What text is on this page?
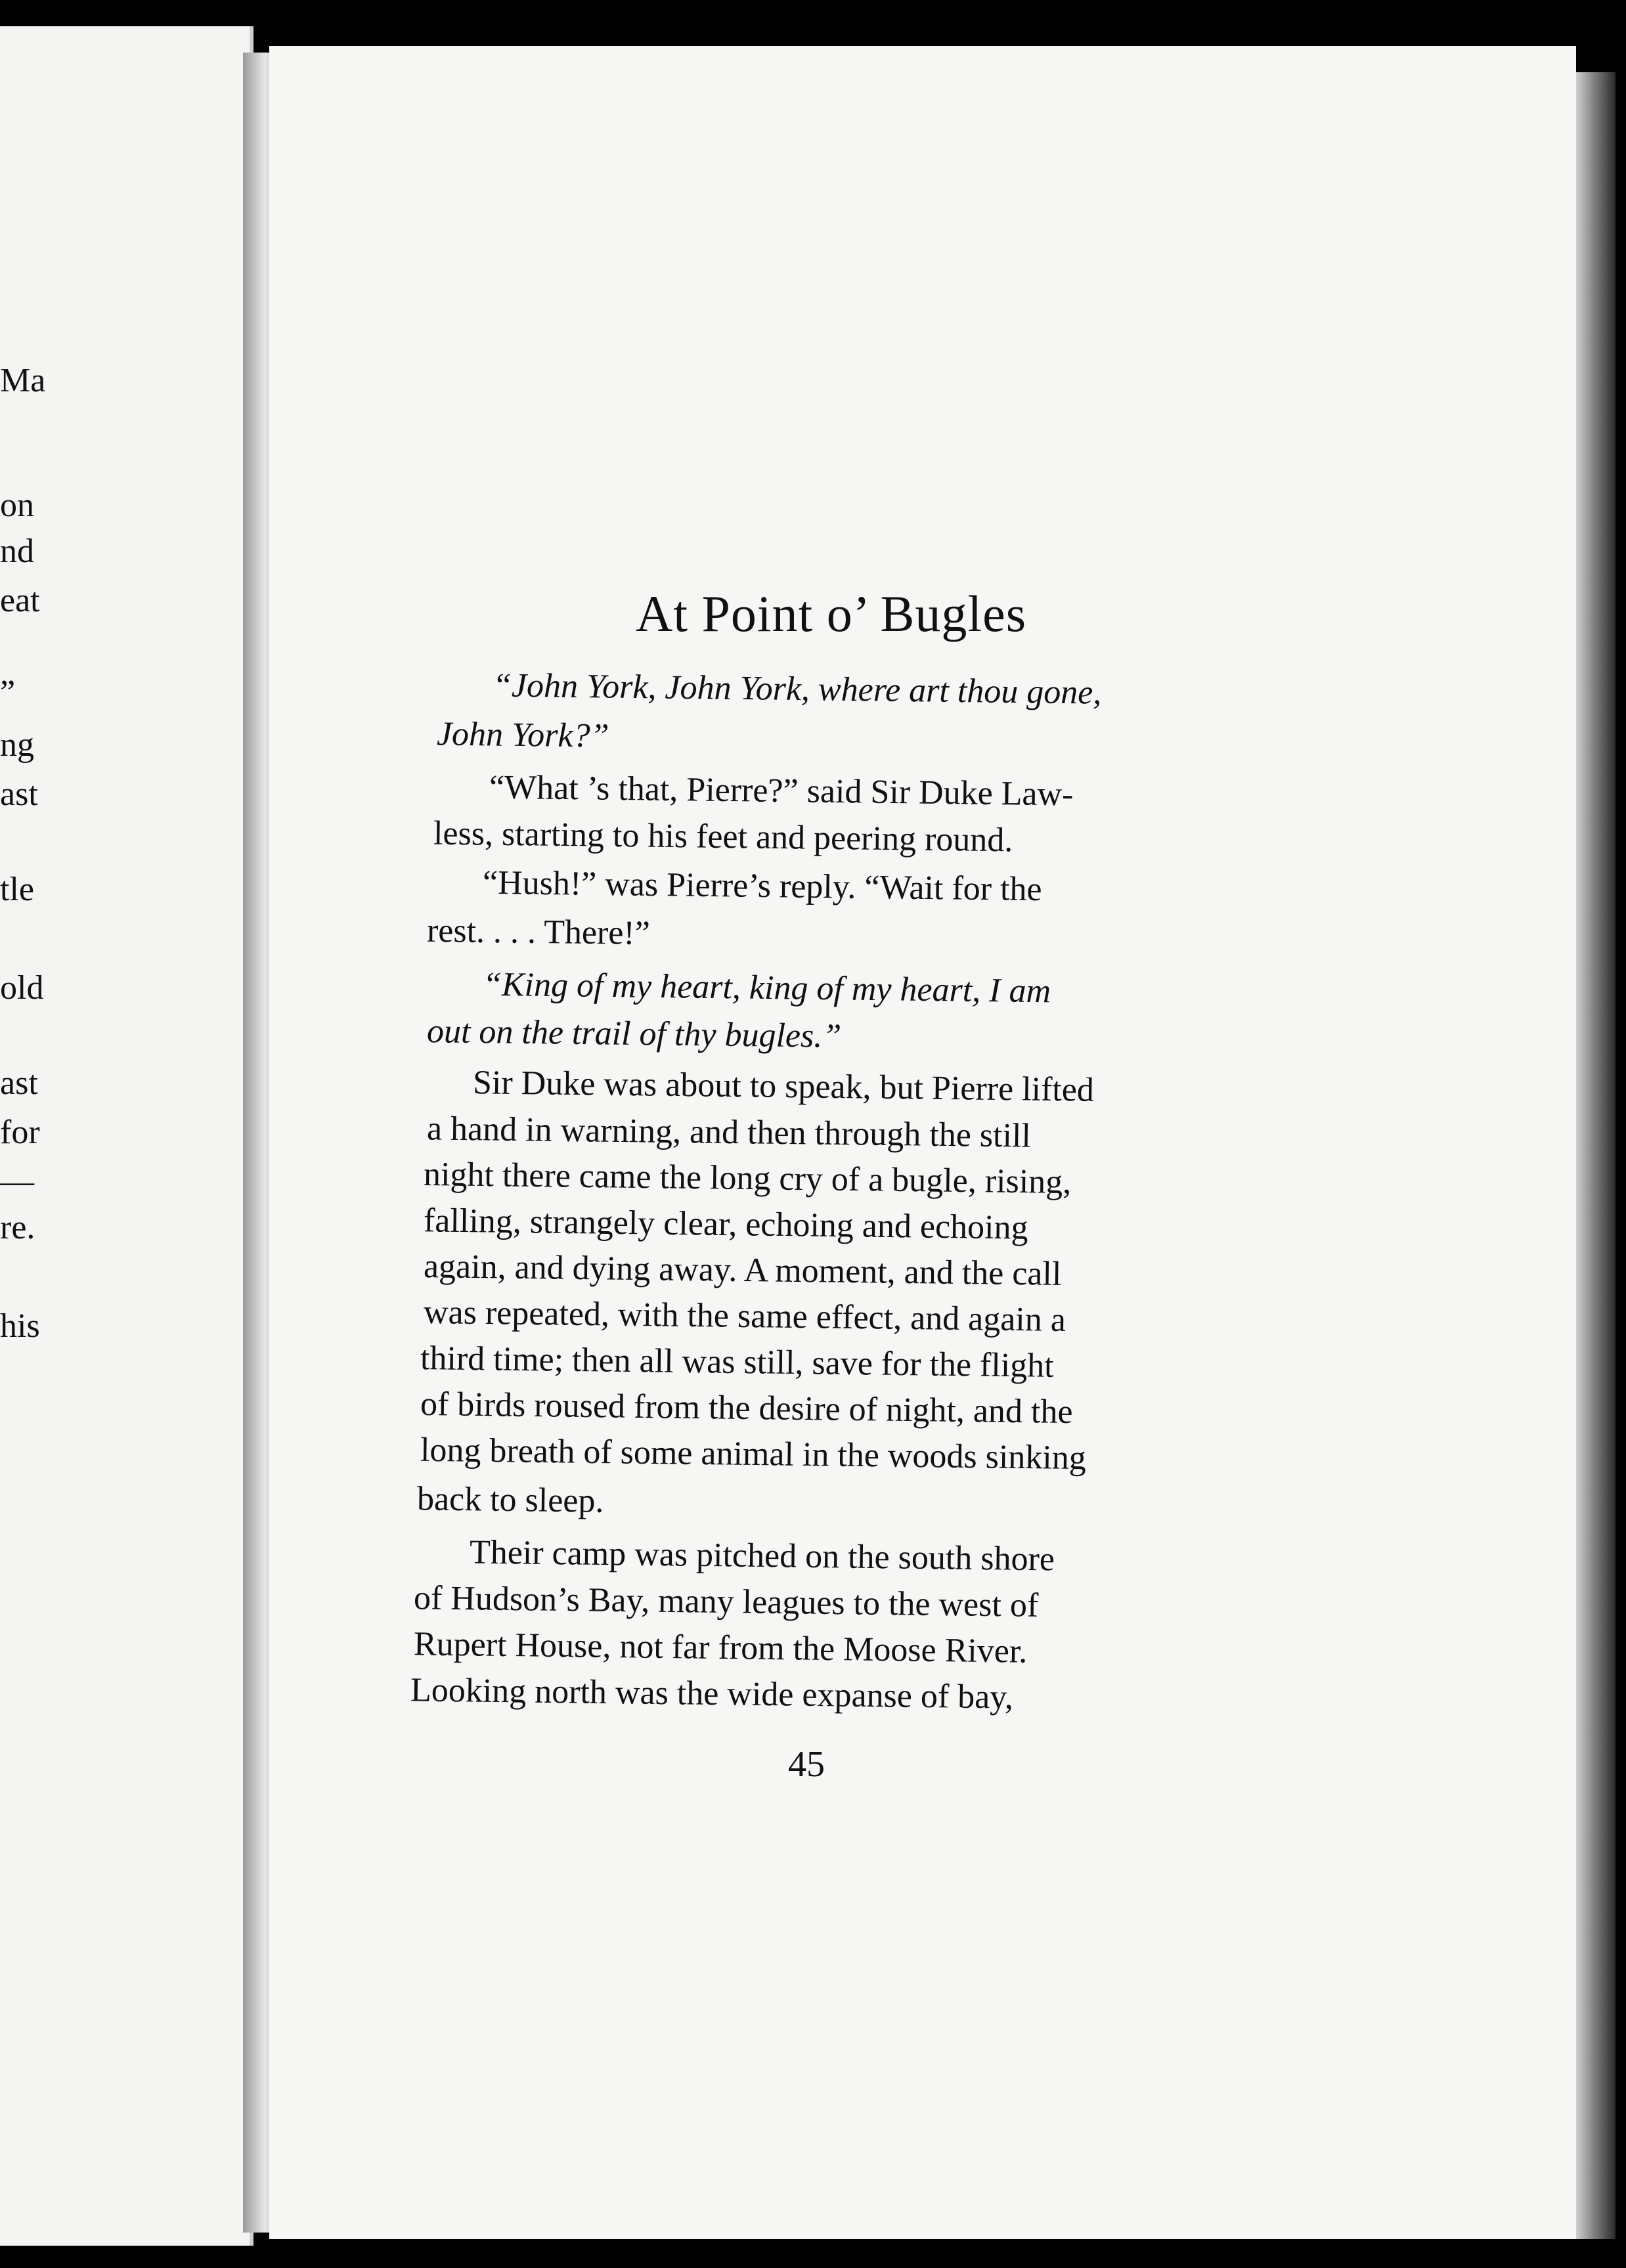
Ma
on
nd
eat
”
ng
ast
tle
old
ast
for
—
re.
his
At Point o’ Bugles
“John York, John York, where art thou gone,
John York?”
“What ’s that, Pierre?” said Sir Duke Law-
less, starting to his feet and peering round.
“Hush!” was Pierre’s reply. “Wait for the
rest. . . . There!”
“King of my heart, king of my heart, I am
out on the trail of thy bugles.”
Sir Duke was about to speak, but Pierre lifted
a hand in warning, and then through the still
night there came the long cry of a bugle, rising,
falling, strangely clear, echoing and echoing
again, and dying away. A moment, and the call
was repeated, with the same effect, and again a
third time; then all was still, save for the flight
of birds roused from the desire of night, and the
long breath of some animal in the woods sinking
back to sleep.
Their camp was pitched on the south shore
of Hudson’s Bay, many leagues to the west of
Rupert House, not far from the Moose River.
Looking north was the wide expanse of bay,
45
